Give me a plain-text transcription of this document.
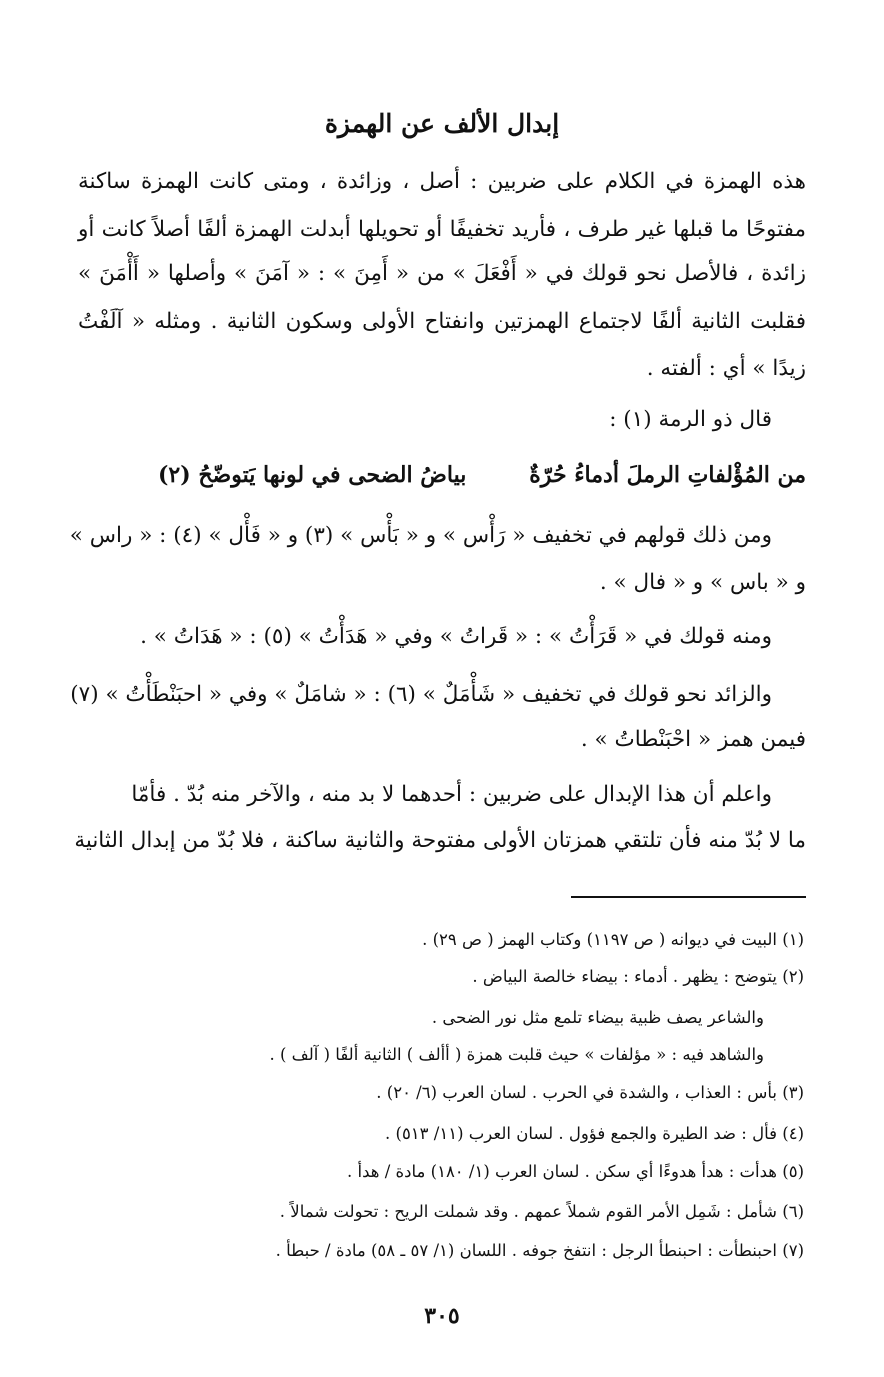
إبدال الألف عن الهمزة
هذه الهمزة في الكلام على ضربين : أصل ، وزائدة ، ومتى كانت الهمزة ساكنة
مفتوحًا ما قبلها غير طرف ، فأريد تخفيفًا أو تحويلها أبدلت الهمزة ألفًا أصلاً كانت أو
زائدة ، فالأصل نحو قولك في « أَفْعَلَ » من « أَمِنَ » : « آمَنَ » وأصلها « أَأْمَنَ »
فقلبت الثانية ألفًا لاجتماع الهمزتين وانفتاح الأولى وسكون الثانية . ومثله « آلَفْتُ
زيدًا » أي : ألفته .
قال ذو الرمة (١) :
من المُؤْلفاتِ الرملَ أدماءُ حُرّةٌ
بياضُ الضحى في لونها يَتوضّحُ (٢)
ومن ذلك قولهم في تخفيف « رَأْس » و « بَأْس » (٣) و « فَأْل » (٤) : « راس »
و « باس » و « فال » .
ومنه قولك في « قَرَأْتُ » : « قَراتُ » وفي « هَدَأْتُ » (٥) : « هَدَاتُ » .
والزائد نحو قولك في تخفيف « شَأْمَلٌ » (٦) : « شامَلٌ » وفي « احبَنْطَأْتُ » (٧)
فيمن همز « احْبَنْطاتُ » .
واعلم أن هذا الإبدال على ضربين : أحدهما لا بد منه ، والآخر منه بُدّ . فأمّا
ما لا بُدّ منه فأن تلتقي همزتان الأولى مفتوحة والثانية ساكنة ، فلا بُدّ من إبدال الثانية
(١) البيت في ديوانه ( ص ١١٩٧) وكتاب الهمز ( ص ٢٩) .
(٢) يتوضح : يظهر . أدماء : بيضاء خالصة البياض .
والشاعر يصف ظبية بيضاء تلمع مثل نور الضحى .
والشاهد فيه : « مؤلفات » حيث قلبت همزة ( أألف ) الثانية ألفًا ( آلف ) .
(٣) بأس : العذاب ، والشدة في الحرب . لسان العرب (٦/ ٢٠) .
(٤) فأل : ضد الطيرة والجمع فؤول . لسان العرب (١١/ ٥١٣) .
(٥) هدأت : هدأ هدوءًا أي سكن . لسان العرب (١/ ١٨٠) مادة / هدأ .
(٦) شأمل : شَمِل الأمر القوم شملاً عمهم . وقد شملت الريح : تحولت شمالاً .
(٧) احبنطأت : احبنطأ الرجل : انتفخ جوفه . اللسان (١/ ٥٧ ـ ٥٨) مادة / حبطأ .
٣٠٥
